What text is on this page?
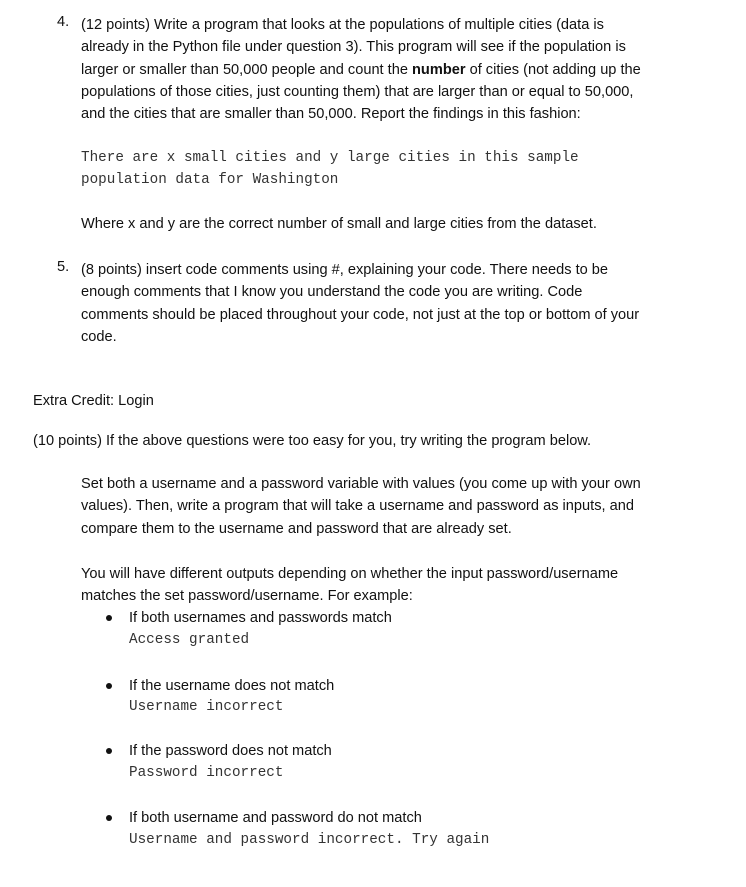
4. (12 points) Write a program that looks at the populations of multiple cities (data is
already in the Python file under question 3). This program will see if the population is
larger or smaller than 50,000 people and count the number of cities (not adding up the
populations of those cities, just counting them) that are larger than or equal to 50,000,
and the cities that are smaller than 50,000. Report the findings in this fashion:
There are x small cities and y large cities in this sample
population data for Washington
Where x and y are the correct number of small and large cities from the dataset.
5. (8 points) insert code comments using #, explaining your code. There needs to be
enough comments that I know you understand the code you are writing. Code
comments should be placed throughout your code, not just at the top or bottom of your
code.
Extra Credit: Login
(10 points) If the above questions were too easy for you, try writing the program below.
Set both a username and a password variable with values (you come up with your own
values). Then, write a program that will take a username and password as inputs, and
compare them to the username and password that are already set.
You will have different outputs depending on whether the input password/username
matches the set password/username. For example:
If both usernames and passwords match
Access granted
If the username does not match
Username incorrect
If the password does not match
Password incorrect
If both username and password do not match
Username and password incorrect. Try again
